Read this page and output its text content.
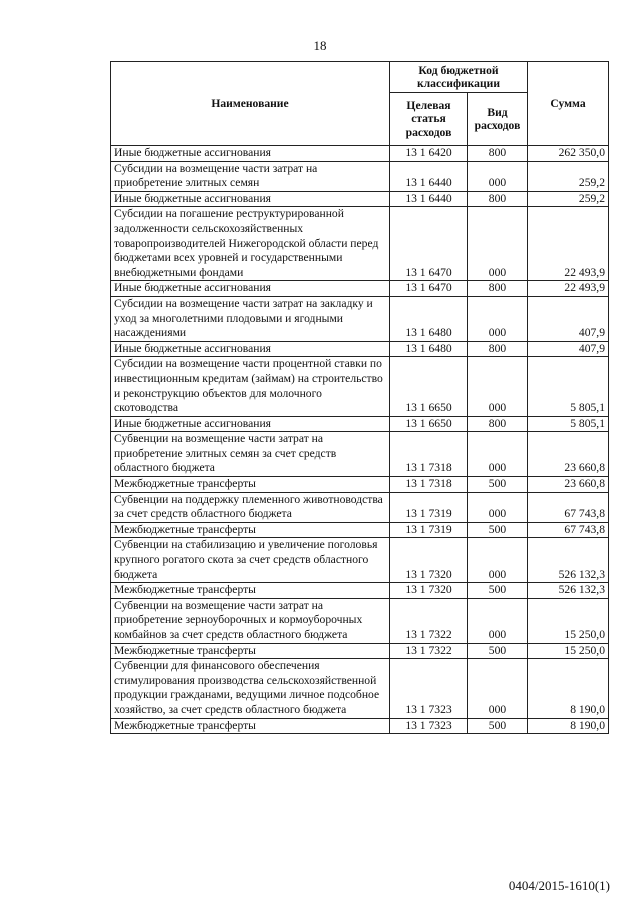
18
Наименование	Код бюджетной классификации		Сумма
	Целевая статья расходов	Вид расходов	
Иные бюджетные ассигнования	13 1 6420	800	262 350,0
Субсидии на возмещение части затрат на приобретение элитных семян	13 1 6440	000	259,2
Иные бюджетные ассигнования	13 1 6440	800	259,2
Субсидии на погашение реструктурированной задолженности сельскохозяйственных товаропроизводителей Нижегородской области перед бюджетами всех уровней и государственными внебюджетными фондами	13 1 6470	000	22 493,9
Иные бюджетные ассигнования	13 1 6470	800	22 493,9
Субсидии на возмещение части затрат на закладку и уход за многолетними плодовыми и ягодными насаждениями	13 1 6480	000	407,9
Иные бюджетные ассигнования	13 1 6480	800	407,9
Субсидии на возмещение части процентной ставки по инвестиционным кредитам (займам) на строительство и реконструкцию объектов для молочного скотоводства	13 1 6650	000	5 805,1
Иные бюджетные ассигнования	13 1 6650	800	5 805,1
Субвенции на возмещение части затрат на приобретение элитных семян за счет средств областного бюджета	13 1 7318	000	23 660,8
Межбюджетные трансферты	13 1 7318	500	23 660,8
Субвенции на поддержку племенного животноводства за счет средств областного бюджета	13 1 7319	000	67 743,8
Межбюджетные трансферты	13 1 7319	500	67 743,8
Субвенции на стабилизацию и увеличение поголовья крупного рогатого скота за счет средств областного бюджета	13 1 7320	000	526 132,3
Межбюджетные трансферты	13 1 7320	500	526 132,3
Субвенции на возмещение части затрат на приобретение зерноуборочных и кормоуборочных комбайнов за счет средств областного бюджета	13 1 7322	000	15 250,0
Межбюджетные трансферты	13 1 7322	500	15 250,0
Субвенции для финансового обеспечения стимулирования производства сельскохозяйственной продукции гражданами, ведущими личное подсобное хозяйство, за счет средств областного бюджета	13 1 7323	000	8 190,0
Межбюджетные трансферты	13 1 7323	500	8 190,0
0404/2015-1610(1)
